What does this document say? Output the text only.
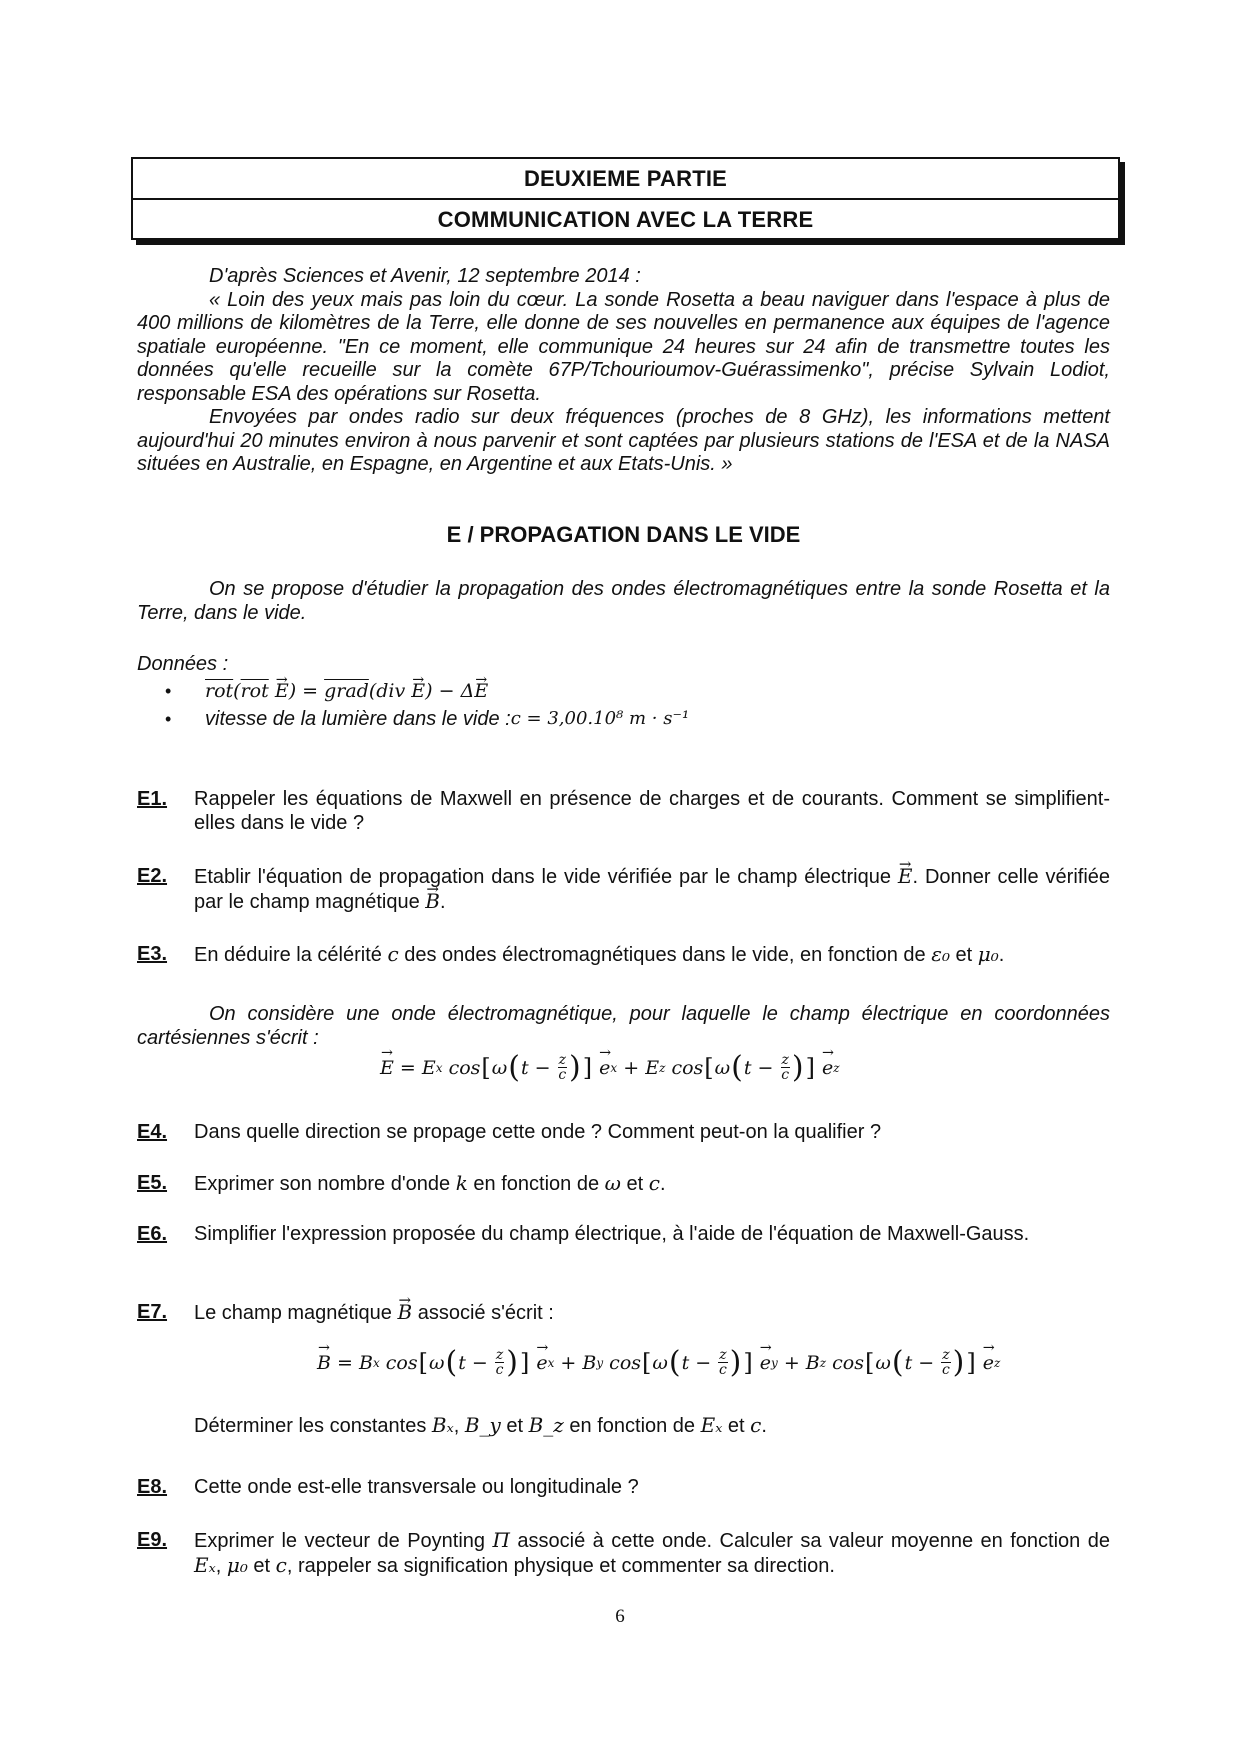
DEUXIEME PARTIE
COMMUNICATION AVEC LA TERRE

D'après Sciences et Avenir, 12 septembre 2014 :

« Loin des yeux mais pas loin du cœur. La sonde Rosetta a beau naviguer dans l'espace à plus de 400 millions de kilomètres de la Terre, elle donne de ses nouvelles en permanence aux équipes de l'agence spatiale européenne. "En ce moment, elle communique 24 heures sur 24 afin de transmettre toutes les données qu'elle recueille sur la comète 67P/Tchourioumov-Guérassimenko", précise Sylvain Lodiot, responsable ESA des opérations sur Rosetta.

Envoyées par ondes radio sur deux fréquences (proches de 8 GHz), les informations mettent aujourd'hui 20 minutes environ à nous parvenir et sont captées par plusieurs stations de l'ESA et de la NASA situées en Australie, en Espagne, en Argentine et aux Etats-Unis. »

E / PROPAGATION DANS LE VIDE

On se propose d'étudier la propagation des ondes électromagnétiques entre la sonde Rosetta et la Terre, dans le vide.

Données :
•	$\overline{rot}(\overline{rot} \to E)$ = grad(div → E) − Δ→ E
•	vitesse de la lumière dans le vide : c = 3,00.10⁸ m · s⁻¹
E1. Rappeler les équations de Maxwell en présence de charges et de courants. Comment se simplifient-elles dans le vide ?
E2. Etablir l'équation de propagation dans le vide vérifiée par le champ électrique → E. Donner celle vérifiée par le champ magnétique → B.
E3. En déduire la célérité c des ondes électromagnétiques dans le vide, en fonction de ε₀ et μ₀.

On considère une onde électromagnétique, pour laquelle le champ électrique en coordonnées cartésiennes s'écrit :

→ E = E x cos [ ω ( $t - \frac{z}{c}$ ) ]
→ e x + E z cos [ ω ( $t - \frac{z}{c}$ ) ]
→ e z
E4. Dans quelle direction se propage cette onde ? Comment peut-on la qualifier ?
E5. Exprimer son nombre d'onde k en fonction de ω et c.
E6. Simplifier l'expression proposée du champ électrique, à l'aide de l'équation de Maxwell-Gauss.
E7. Le champ magnétique → B associé s'écrit :
→ B = B x cos [ ω ( $t - \frac{z}{c}$ ) ]
→ e x + B y cos [ ω ( $t - \frac{z}{c}$ ) ]
→ e y + B z cos [ ω ( $t - \frac{z}{c}$ ) ]
→ e z
Déterminer les constantes Bₓ, B_y et B_z en fonction de Eₓ et c.
E8. Cette onde est-elle transversale ou longitudinale ?
E9. Exprimer le vecteur de Poynting Π associé à cette onde. Calculer sa valeur moyenne en fonction de Eₓ, μ₀ et c, rappeler sa signification physique et commenter sa direction.
6
